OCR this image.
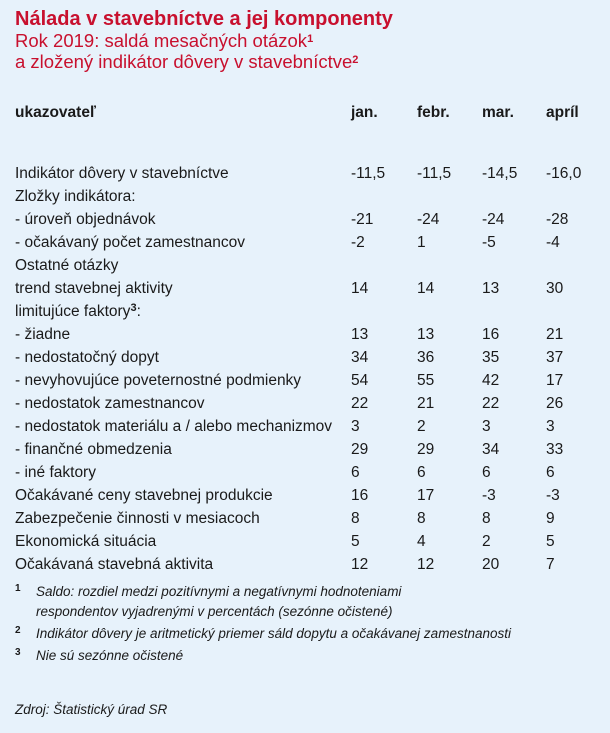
Nálada v stavebníctve a jej komponenty
Rok 2019: saldá mesačných otázok$^1$
a zložený indikátor dôvery v stavebníctve$^2$
ukazovateľ	jan.	febr.	mar.	apríl

Indikátor dôvery v stavebníctve	-11,5	-11,5	-14,5	-16,0
Zložky indikátora:				
- úroveň objednávok	-21	-24	-24	-28
- očakávaný počet zamestnancov	-2	1	-5	-4
Ostatné otázky				
trend stavebnej aktivity	14	14	13	30
limitujúce faktory$^3$:				
- žiadne	13	13	16	21
- nedostatočný dopyt	34	36	35	37
- nevyhovujúce poveternostné podmienky	54	55	42	17
- nedostatok zamestnancov	22	21	22	26
- nedostatok materiálu a / alebo mechanizmov	3	2	3	3
- finančné obmedzenia	29	29	34	33
- iné faktory	6	6	6	6
Očakávané ceny stavebnej produkcie	16	17	-3	-3
Zabezpečenie činnosti v mesiacoch	8	8	8	9
Ekonomická situácia	5	4	2	5
Očakávaná stavebná aktivita	12	12	20	7
1 Saldo: rozdiel medzi pozitívnymi a negatívnymi hodnoteniami
respondentov vyjadrenými v percentách (sezónne očistené)
2 Indikátor dôvery je aritmetický priemer sáld dopytu a očakávanej zamestnanosti
3 Nie sú sezónne očistené
Zdroj: Štatistický úrad SR
